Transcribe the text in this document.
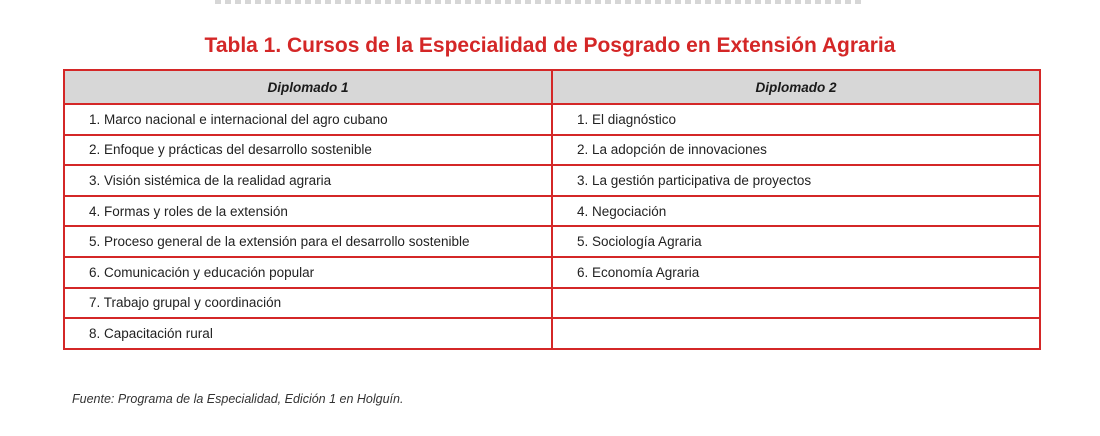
Tabla 1. Cursos de la Especialidad de Posgrado en Extensión Agraria
Diplomado 1	Diplomado 2
1. Marco nacional e internacional del agro cubano	1. El diagnóstico
2. Enfoque y prácticas del desarrollo sostenible	2. La adopción de innovaciones
3. Visión sistémica de la realidad agraria	3. La gestión participativa de proyectos
4. Formas y roles de la extensión	4. Negociación
5. Proceso general de la extensión para el desarrollo sostenible	5. Sociología Agraria
6. Comunicación y educación popular	6. Economía Agraria
7. Trabajo grupal y coordinación	
8. Capacitación rural	
Fuente: Programa de la Especialidad, Edición 1 en Holguín.
